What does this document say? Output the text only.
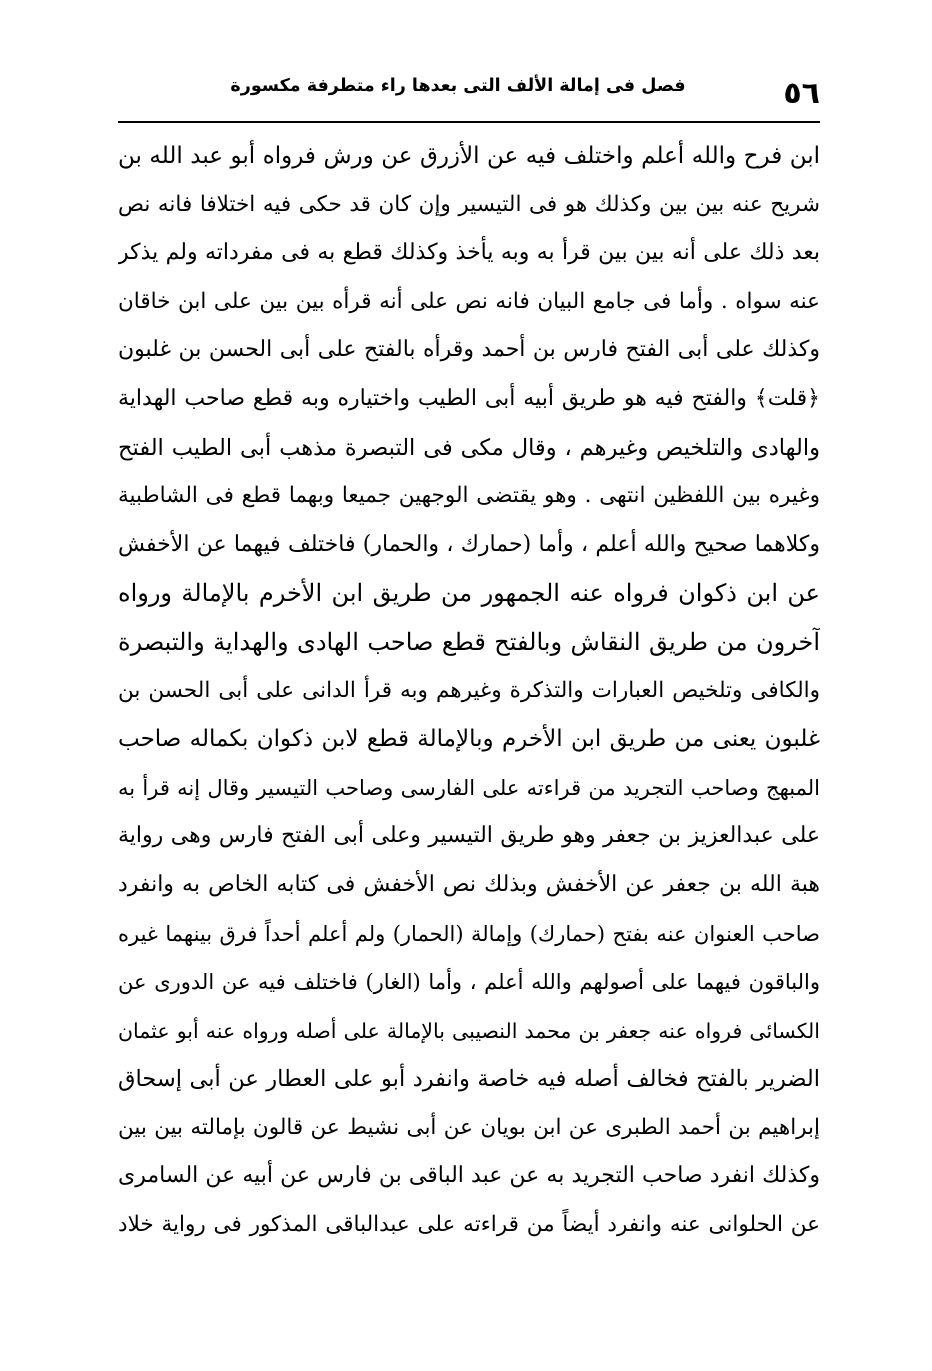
٥٦
فصل فى إمالة الألف التى بعدها راء متطرفة مكسورة
ابن فرح والله أعلم واختلف فيه عن الأزرق عن ورش فرواه أبو عبد الله بن
شريح عنه بين بين وكذلك هو فى التيسير وإن كان قد حكى فيه اختلافا فانه نص
بعد ذلك على أنه بين بين قرأ به وبه يأخذ وكذلك قطع به فى مفرداته ولم يذكر
عنه سواه . وأما فى جامع البيان فانه نص على أنه قرأه بين بين على ابن خاقان
وكذلك على أبى الفتح فارس بن أحمد وقرأه بالفتح على أبى الحسن بن غلبون
﴿قلت﴾ والفتح فيه هو طريق أبيه أبى الطيب واختياره وبه قطع صاحب الهداية
والهادى والتلخيص وغيرهم ، وقال مكى فى التبصرة مذهب أبى الطيب الفتح
وغيره بين اللفظين انتهى . وهو يقتضى الوجهين جميعا وبهما قطع فى الشاطبية
وكلاهما صحيح والله أعلم ، وأما (حمارك ، والحمار) فاختلف فيهما عن الأخفش
عن ابن ذكوان فرواه عنه الجمهور من طريق ابن الأخرم بالإمالة ورواه
آخرون من طريق النقاش وبالفتح قطع صاحب الهادى والهداية والتبصرة
والكافى وتلخيص العبارات والتذكرة وغيرهم وبه قرأ الدانى على أبى الحسن بن
غلبون يعنى من طريق ابن الأخرم وبالإمالة قطع لابن ذكوان بكماله صاحب
المبهج وصاحب التجريد من قراءته على الفارسى وصاحب التيسير وقال إنه قرأ به
على عبدالعزيز بن جعفر وهو طريق التيسير وعلى أبى الفتح فارس وهى رواية
هبة الله بن جعفر عن الأخفش وبذلك نص الأخفش فى كتابه الخاص به وانفرد
صاحب العنوان عنه بفتح (حمارك) وإمالة (الحمار) ولم أعلم أحداً فرق بينهما غيره
والباقون فيهما على أصولهم والله أعلم ، وأما (الغار) فاختلف فيه عن الدورى عن
الكسائى فرواه عنه جعفر بن محمد النصيبى بالإمالة على أصله ورواه عنه أبو عثمان
الضرير بالفتح فخالف أصله فيه خاصة وانفرد أبو على العطار عن أبى إسحاق
إبراهيم بن أحمد الطبرى عن ابن بويان عن أبى نشيط عن قالون بإمالته بين بين
وكذلك انفرد صاحب التجريد به عن عبد الباقى بن فارس عن أبيه عن السامرى
عن الحلوانى عنه وانفرد أيضاً من قراءته على عبدالباقى المذكور فى رواية خلاد
